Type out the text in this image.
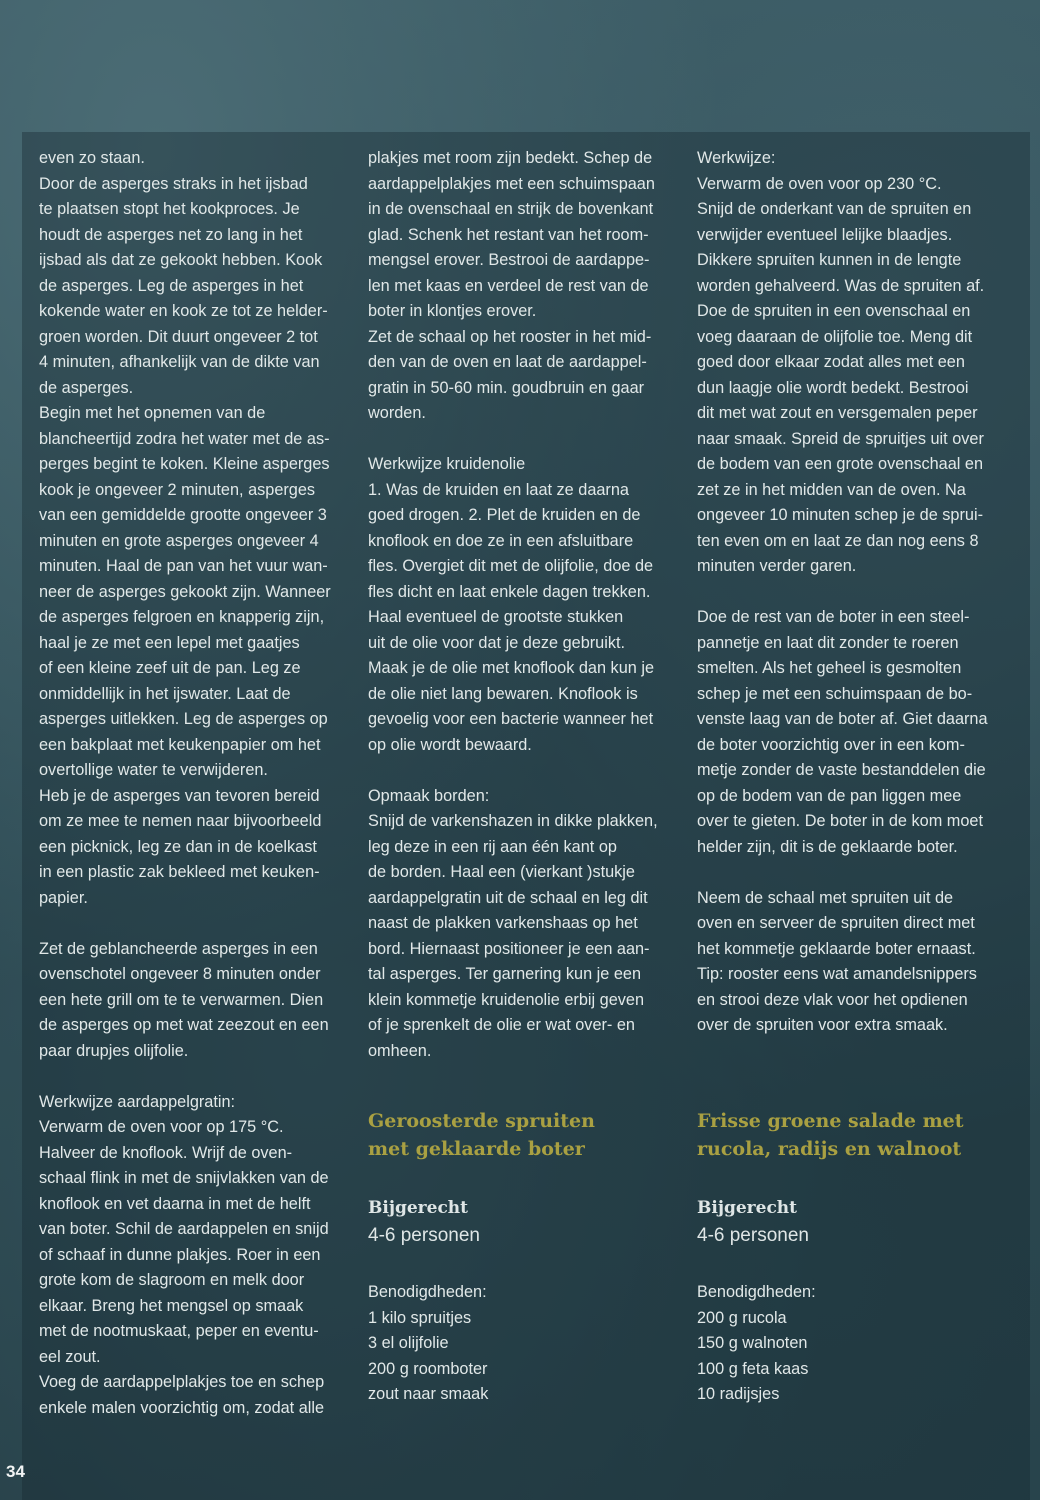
even zo staan.
Door de asperges straks in het ijsbad
te plaatsen stopt het kookproces. Je
houdt de asperges net zo lang in het
ijsbad als dat ze gekookt hebben. Kook
de asperges. Leg de asperges in het
kokende water en kook ze tot ze helder-
groen worden. Dit duurt ongeveer 2 tot
4 minuten, afhankelijk van de dikte van
de asperges.
Begin met het opnemen van de
blancheertijd zodra het water met de as-
perges begint te koken. Kleine asperges
kook je ongeveer 2 minuten, asperges
van een gemiddelde grootte ongeveer 3
minuten en grote asperges ongeveer 4
minuten. Haal de pan van het vuur wan-
neer de asperges gekookt zijn. Wanneer
de asperges felgroen en knapperig zijn,
haal je ze met een lepel met gaatjes
of een kleine zeef uit de pan. Leg ze
onmiddellijk in het ijswater. Laat de
asperges uitlekken. Leg de asperges op
een bakplaat met keukenpapier om het
overtollige water te verwijderen.
Heb je de asperges van tevoren bereid
om ze mee te nemen naar bijvoorbeeld
een picknick, leg ze dan in de koelkast
in een plastic zak bekleed met keuken-
papier.

Zet de geblancheerde asperges in een
ovenschotel ongeveer 8 minuten onder
een hete grill om te te verwarmen. Dien
de asperges op met wat zeezout en een
paar drupjes olijfolie.

Werkwijze aardappelgratin:
Verwarm de oven voor op 175 °C.
Halveer de knoflook. Wrijf de oven-
schaal flink in met de snijvlakken van de
knoflook en vet daarna in met de helft
van boter. Schil de aardappelen en snijd
of schaaf in dunne plakjes. Roer in een
grote kom de slagroom en melk door
elkaar. Breng het mengsel op smaak
met de nootmuskaat, peper en eventu-
eel zout.
Voeg de aardappelplakjes toe en schep
enkele malen voorzichtig om, zodat alle

plakjes met room zijn bedekt. Schep de
aardappelplakjes met een schuimspaan
in de ovenschaal en strijk de bovenkant
glad. Schenk het restant van het room-
mengsel erover. Bestrooi de aardappe-
len met kaas en verdeel de rest van de
boter in klontjes erover.
Zet de schaal op het rooster in het mid-
den van de oven en laat de aardappel-
gratin in 50-60 min. goudbruin en gaar
worden.

Werkwijze kruidenolie
1. Was de kruiden en laat ze daarna
goed drogen. 2. Plet de kruiden en de
knoflook en doe ze in een afsluitbare
fles. Overgiet dit met de olijfolie, doe de
fles dicht en laat enkele dagen trekken.
Haal eventueel de grootste stukken
uit de olie voor dat je deze gebruikt.
Maak je de olie met knoflook dan kun je
de olie niet lang bewaren. Knoflook is
gevoelig voor een bacterie wanneer het
op olie wordt bewaard.

Opmaak borden:
Snijd de varkenshazen in dikke plakken,
leg deze in een rij aan één kant op
de borden. Haal een (vierkant )stukje
aardappelgratin uit de schaal en leg dit
naast de plakken varkenshaas op het
bord. Hiernaast positioneer je een aan-
tal asperges. Ter garnering kun je een
klein kommetje kruidenolie erbij geven
of je sprenkelt de olie er wat over- en
omheen.

Werkwijze:
Verwarm de oven voor op 230 °C.
Snijd de onderkant van de spruiten en
verwijder eventueel lelijke blaadjes.
Dikkere spruiten kunnen in de lengte
worden gehalveerd. Was de spruiten af.
Doe de spruiten in een ovenschaal en
voeg daaraan de olijfolie toe. Meng dit
goed door elkaar zodat alles met een
dun laagje olie wordt bedekt. Bestrooi
dit met wat zout en versgemalen peper
naar smaak. Spreid de spruitjes uit over
de bodem van een grote ovenschaal en
zet ze in het midden van de oven. Na
ongeveer 10 minuten schep je de sprui-
ten even om en laat ze dan nog eens 8
minuten verder garen.

Doe de rest van de boter in een steel-
pannetje en laat dit zonder te roeren
smelten. Als het geheel is gesmolten
schep je met een schuimspaan de bo-
venste laag van de boter af. Giet daarna
de boter voorzichtig over in een kom-
metje zonder de vaste bestanddelen die
op de bodem van de pan liggen mee
over te gieten. De boter in de kom moet
helder zijn, dit is de geklaarde boter.

Neem de schaal met spruiten uit de
oven en serveer de spruiten direct met
het kommetje geklaarde boter ernaast.
Tip: rooster eens wat amandelsnippers
en strooi deze vlak voor het opdienen
over de spruiten voor extra smaak.

Geroosterde spruiten
met geklaarde boter
Frisse groene salade met
rucola, radijs en walnoot
Bijgerecht
4-6 personen
Bijgerecht
4-6 personen
Benodigdheden:
1 kilo spruitjes
3 el olijfolie
200 g roomboter
zout naar smaak
Benodigdheden:
200 g rucola
150 g walnoten
100 g feta kaas
10 radijsjes
34
